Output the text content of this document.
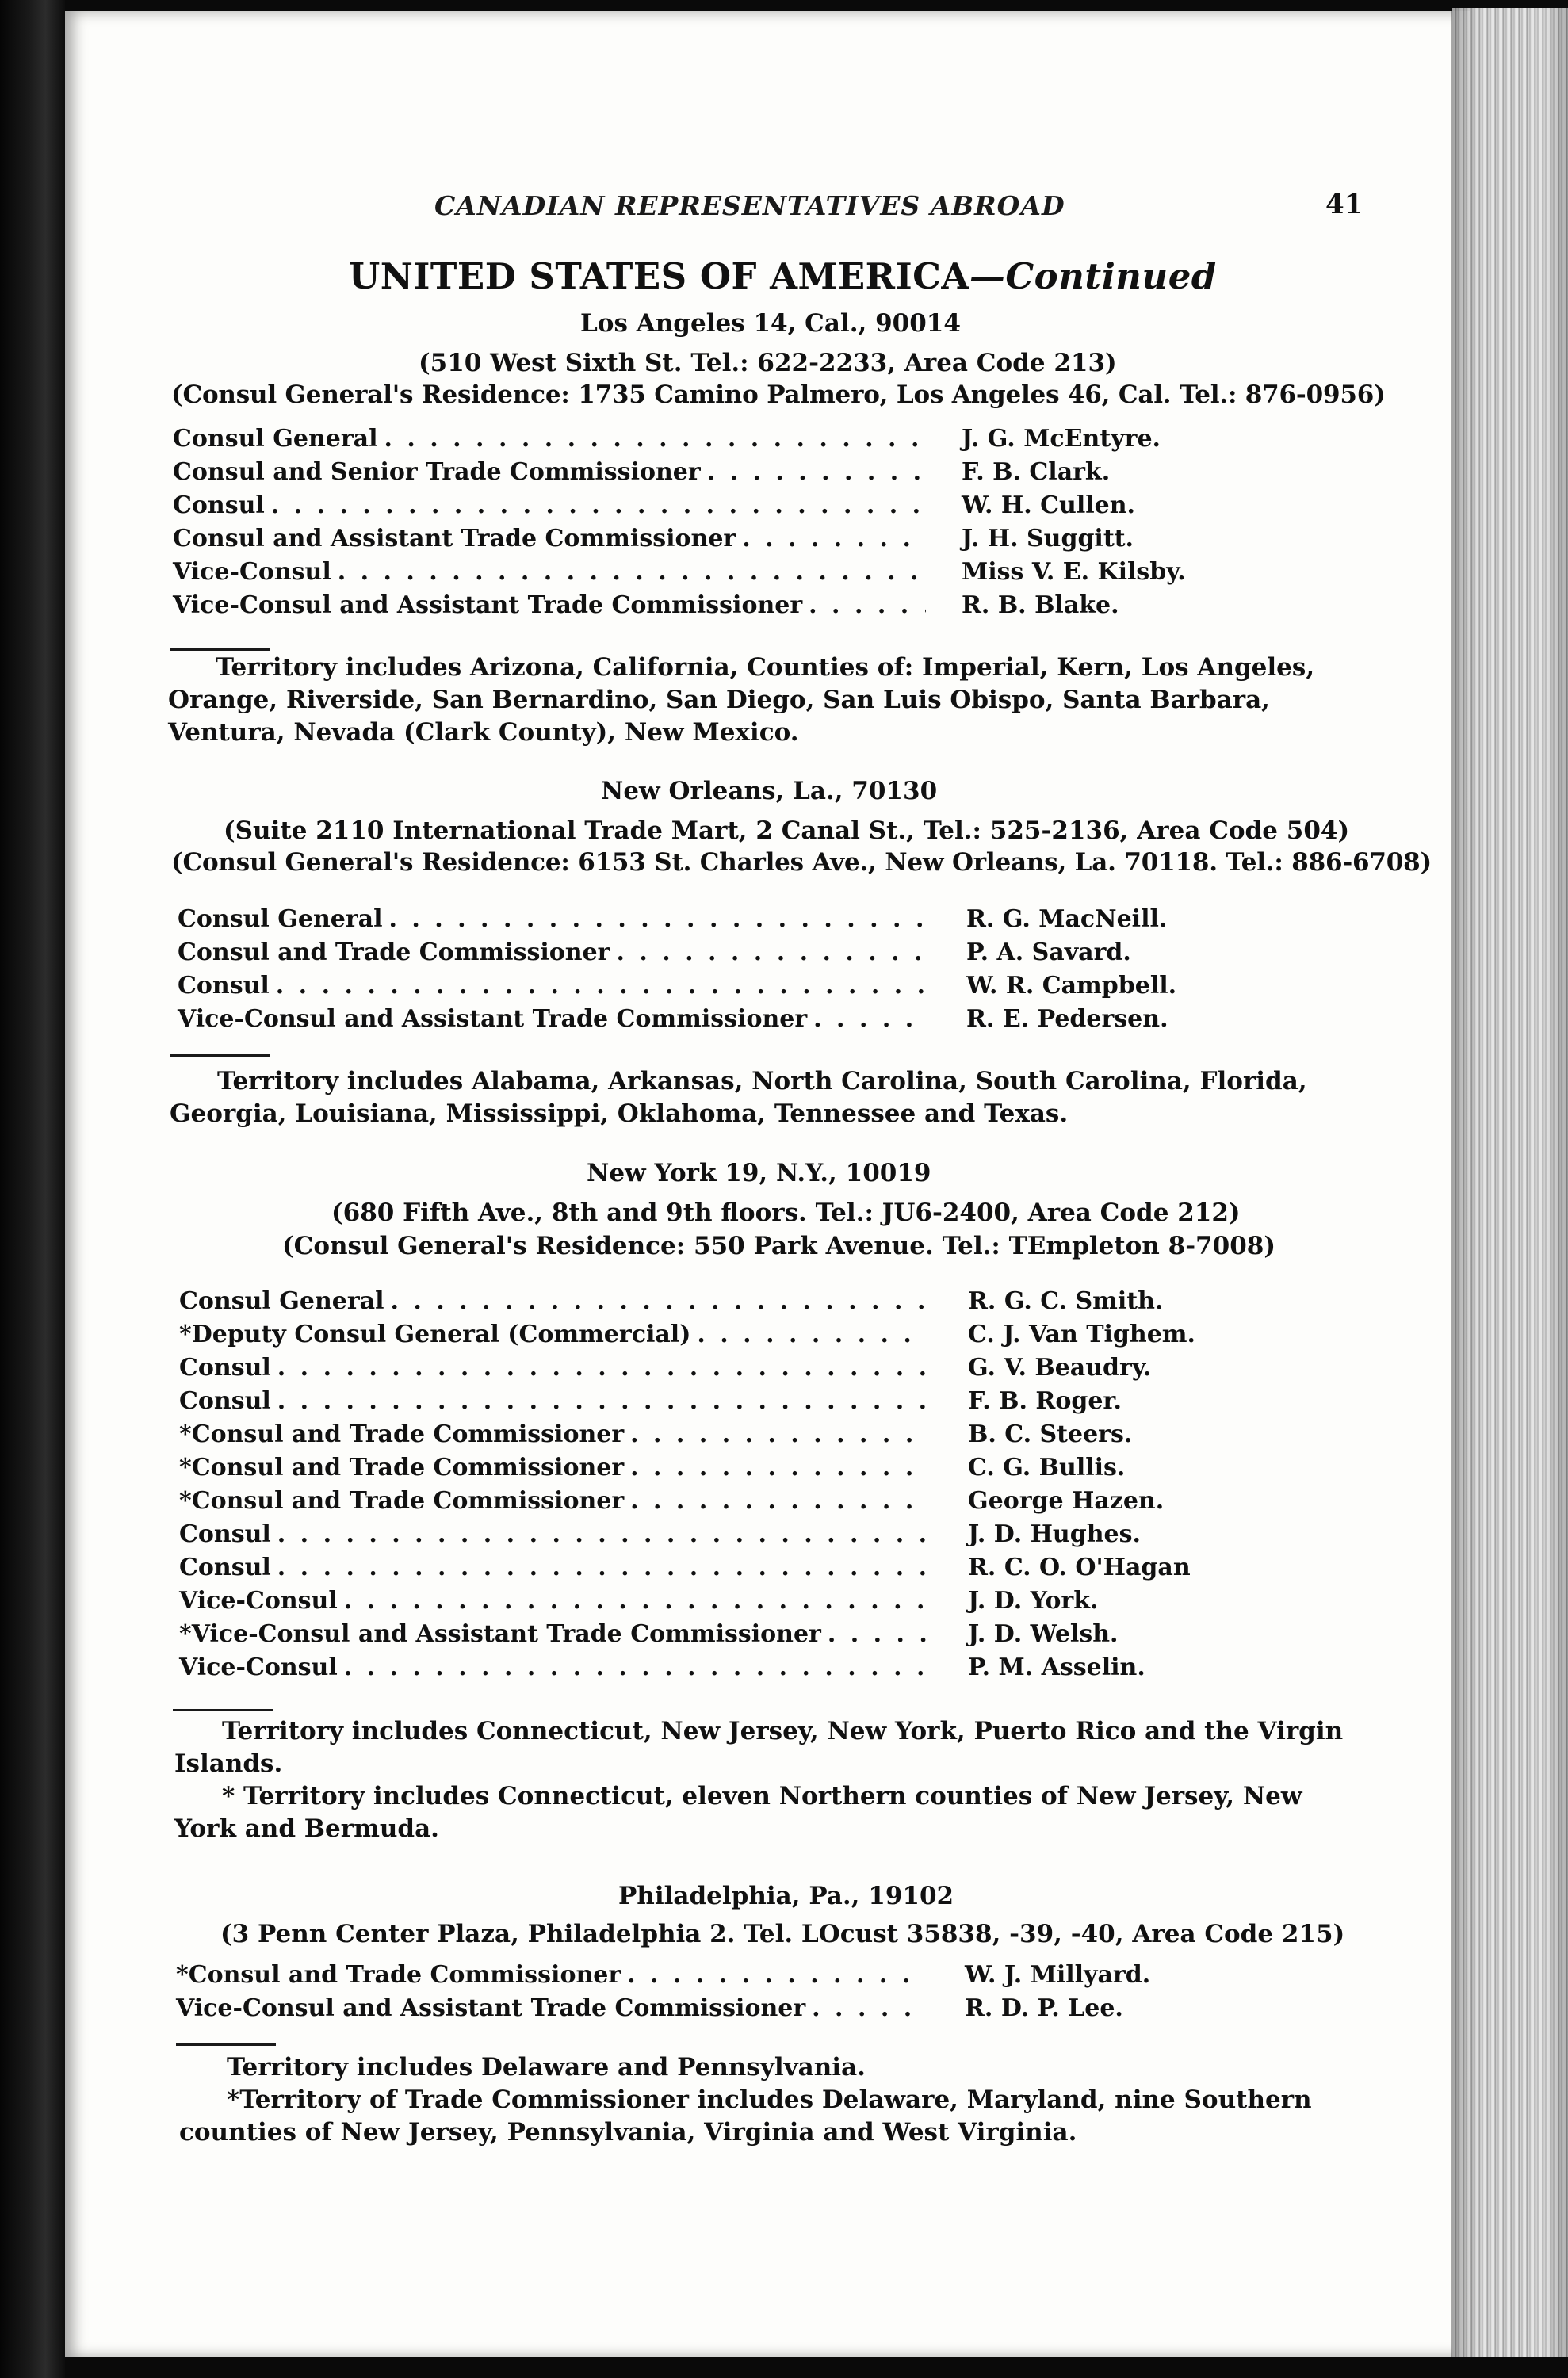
CANADIAN REPRESENTATIVES ABROAD	41
UNITED STATES OF AMERICA—Continued
Los Angeles 14, Cal., 90014
(510 West Sixth St. Tel.: 622-2233, Area Code 213)
(Consul General's Residence: 1735 Camino Palmero, Los Angeles 46, Cal. Tel.: 876-0956)
Consul General . . .	J. G. McEntyre.
Consul and Senior Trade Commissioner . . .	F. B. Clark.
Consul . . .	W. H. Cullen.
Consul and Assistant Trade Commissioner . . .	J. H. Suggitt.
Vice-Consul . . .	Miss V. E. Kilsby.
Vice-Consul and Assistant Trade Commissioner . . .	R. B. Blake.

Territory includes Arizona, California, Counties of: Imperial, Kern, Los Angeles, Orange, Riverside, San Bernardino, San Diego, San Luis Obispo, Santa Barbara, Ventura, Nevada (Clark County), New Mexico.

New Orleans, La., 70130
(Suite 2110 International Trade Mart, 2 Canal St., Tel.: 525-2136, Area Code 504)
(Consul General's Residence: 6153 St. Charles Ave., New Orleans, La. 70118. Tel.: 886-6708)
Consul General . . .	R. G. MacNeill.
Consul and Trade Commissioner . . .	P. A. Savard.
Consul . . .	W. R. Campbell.
Vice-Consul and Assistant Trade Commissioner . . .	R. E. Pedersen.

Territory includes Alabama, Arkansas, North Carolina, South Carolina, Florida, Georgia, Louisiana, Mississippi, Oklahoma, Tennessee and Texas.

New York 19, N.Y., 10019
(680 Fifth Ave., 8th and 9th floors. Tel.: JU6-2400, Area Code 212)
(Consul General's Residence: 550 Park Avenue. Tel.: TEmpleton 8-7008)
Consul General . . .	R. G. C. Smith.
*Deputy Consul General (Commercial) . . .	C. J. Van Tighem.
Consul . . .	G. V. Beaudry.
Consul . . .	F. B. Roger.
*Consul and Trade Commissioner . . .	B. C. Steers.
*Consul and Trade Commissioner . . .	C. G. Bullis.
*Consul and Trade Commissioner . . .	George Hazen.
Consul . . .	J. D. Hughes.
Consul . . .	R. C. O. O'Hagan
Vice-Consul . . .	J. D. York.
*Vice-Consul and Assistant Trade Commissioner . . .	J. D. Welsh.
Vice-Consul . . .	P. M. Asselin.

Territory includes Connecticut, New Jersey, New York, Puerto Rico and the Virgin Islands.

* Territory includes Connecticut, eleven Northern counties of New Jersey, New York and Bermuda.

Philadelphia, Pa., 19102
(3 Penn Center Plaza, Philadelphia 2. Tel. LOcust 35838, -39, -40, Area Code 215)
*Consul and Trade Commissioner . . .	W. J. Millyard.
Vice-Consul and Assistant Trade Commissioner . . .	R. D. P. Lee.

Territory includes Delaware and Pennsylvania.

*Territory of Trade Commissioner includes Delaware, Maryland, nine Southern counties of New Jersey, Pennsylvania, Virginia and West Virginia.
